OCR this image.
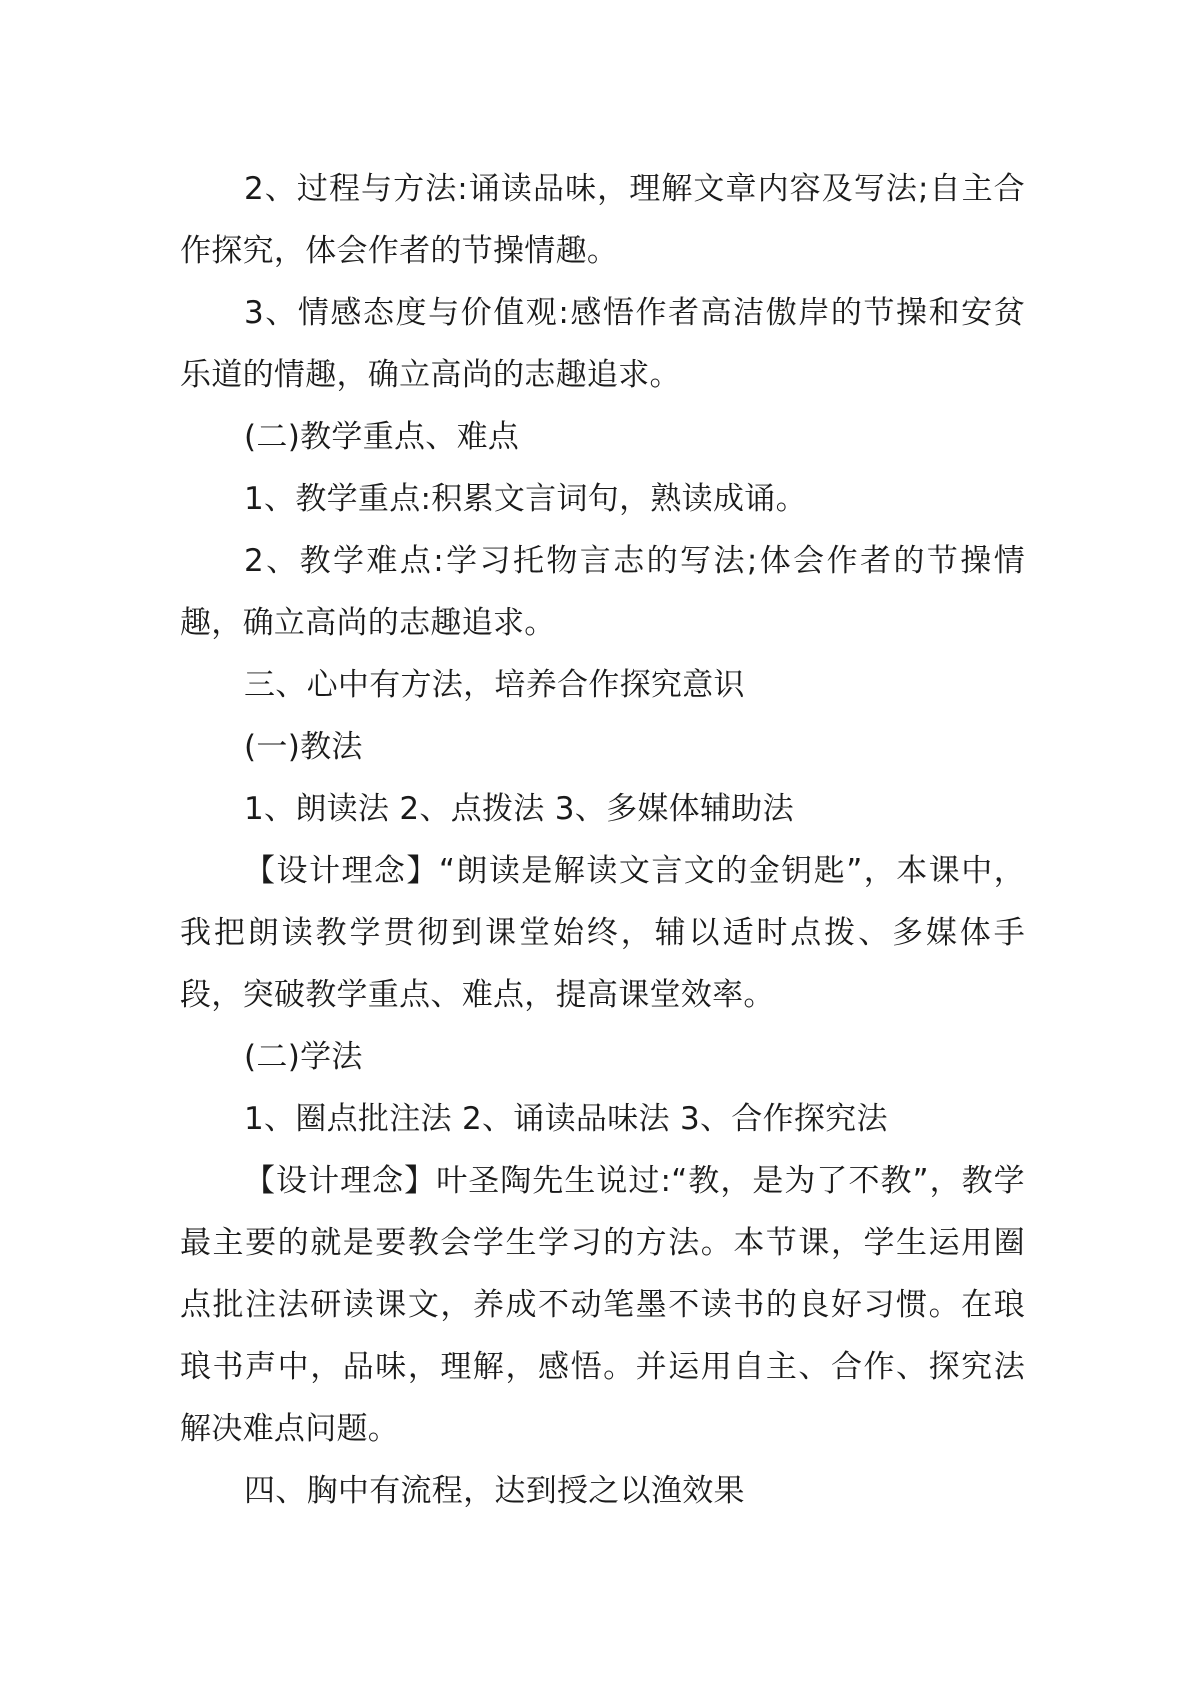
2、过程与方法:诵读品味，理解文章内容及写法;自主合作探究，体会作者的节操情趣。

3、情感态度与价值观:感悟作者高洁傲岸的节操和安贫乐道的情趣，确立高尚的志趣追求。

(二)教学重点、难点

1、教学重点:积累文言词句，熟读成诵。

2、教学难点:学习托物言志的写法;体会作者的节操情趣，确立高尚的志趣追求。

三、心中有方法，培养合作探究意识

(一)教法

1、朗读法 2、点拨法 3、多媒体辅助法

【设计理念】“朗读是解读文言文的金钥匙”，本课中，我把朗读教学贯彻到课堂始终，辅以适时点拨、多媒体手段，突破教学重点、难点，提高课堂效率。

(二)学法

1、圈点批注法 2、诵读品味法 3、合作探究法

【设计理念】叶圣陶先生说过:“教，是为了不教”，教学最主要的就是要教会学生学习的方法。本节课，学生运用圈点批注法研读课文，养成不动笔墨不读书的良好习惯。在琅琅书声中，品味，理解，感悟。并运用自主、合作、探究法解决难点问题。

四、胸中有流程，达到授之以渔效果
